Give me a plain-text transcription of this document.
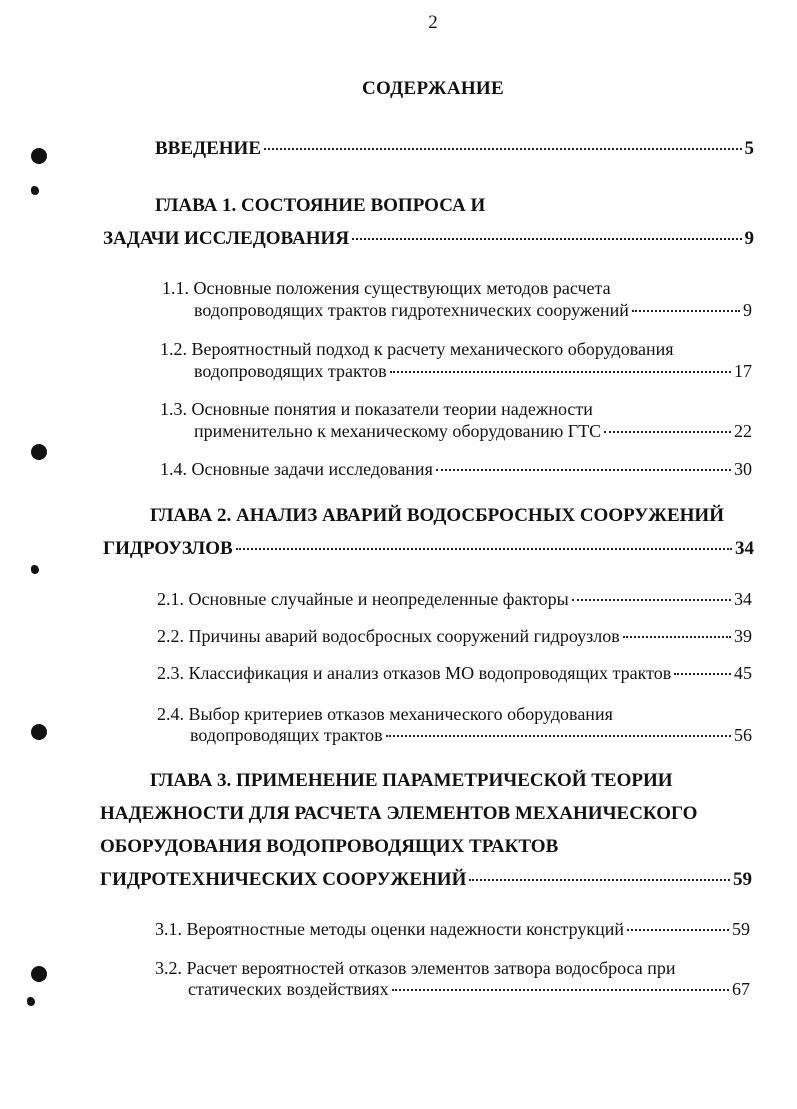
2
СОДЕРЖАНИЕ
ВВЕДЕНИЕ	5
ГЛАВА 1. СОСТОЯНИЕ ВОПРОСА И
ЗАДАЧИ ИССЛЕДОВАНИЯ	9
1.1. Основные положения существующих методов расчета
водопроводящих трактов гидротехнических сооружений	9
1.2. Вероятностный подход к расчету механического оборудования
водопроводящих трактов	17
1.3. Основные понятия и показатели теории надежности
применительно к механическому оборудованию ГТС	22
1.4. Основные задачи исследования	30
ГЛАВА 2. АНАЛИЗ АВАРИЙ ВОДОСБРОСНЫХ СООРУЖЕНИЙ
ГИДРОУЗЛОВ	34
2.1. Основные случайные и неопределенные факторы	34
2.2. Причины аварий водосбросных сооружений гидроузлов	39
2.3. Классификация и анализ отказов МО водопроводящих трактов	45
2.4. Выбор критериев отказов механического оборудования
водопроводящих трактов	56
ГЛАВА 3. ПРИМЕНЕНИЕ ПАРАМЕТРИЧЕСКОЙ ТЕОРИИ
НАДЕЖНОСТИ ДЛЯ РАСЧЕТА ЭЛЕМЕНТОВ МЕХАНИЧЕСКОГО
ОБОРУДОВАНИЯ ВОДОПРОВОДЯЩИХ ТРАКТОВ
ГИДРОТЕХНИЧЕСКИХ СООРУЖЕНИЙ	59
3.1. Вероятностные методы оценки надежности конструкций	59
3.2. Расчет вероятностей отказов элементов затвора водосброса при
статических воздействиях	67
